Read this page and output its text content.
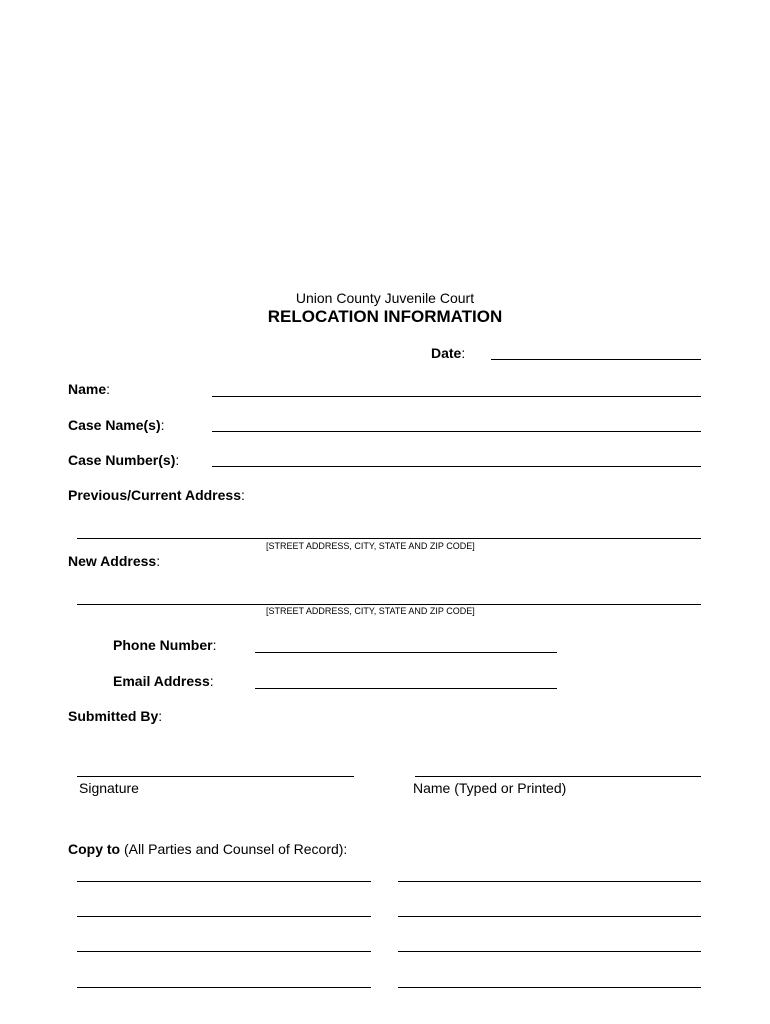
Union County Juvenile Court
RELOCATION INFORMATION
Date:
Name:
Case Name(s):
Case Number(s):
Previous/Current Address:
[STREET ADDRESS, CITY, STATE AND ZIP CODE]
New Address:
[STREET ADDRESS, CITY, STATE AND ZIP CODE]
Phone Number:
Email Address:
Submitted By:
Signature	Name (Typed or Printed)
Copy to (All Parties and Counsel of Record):
